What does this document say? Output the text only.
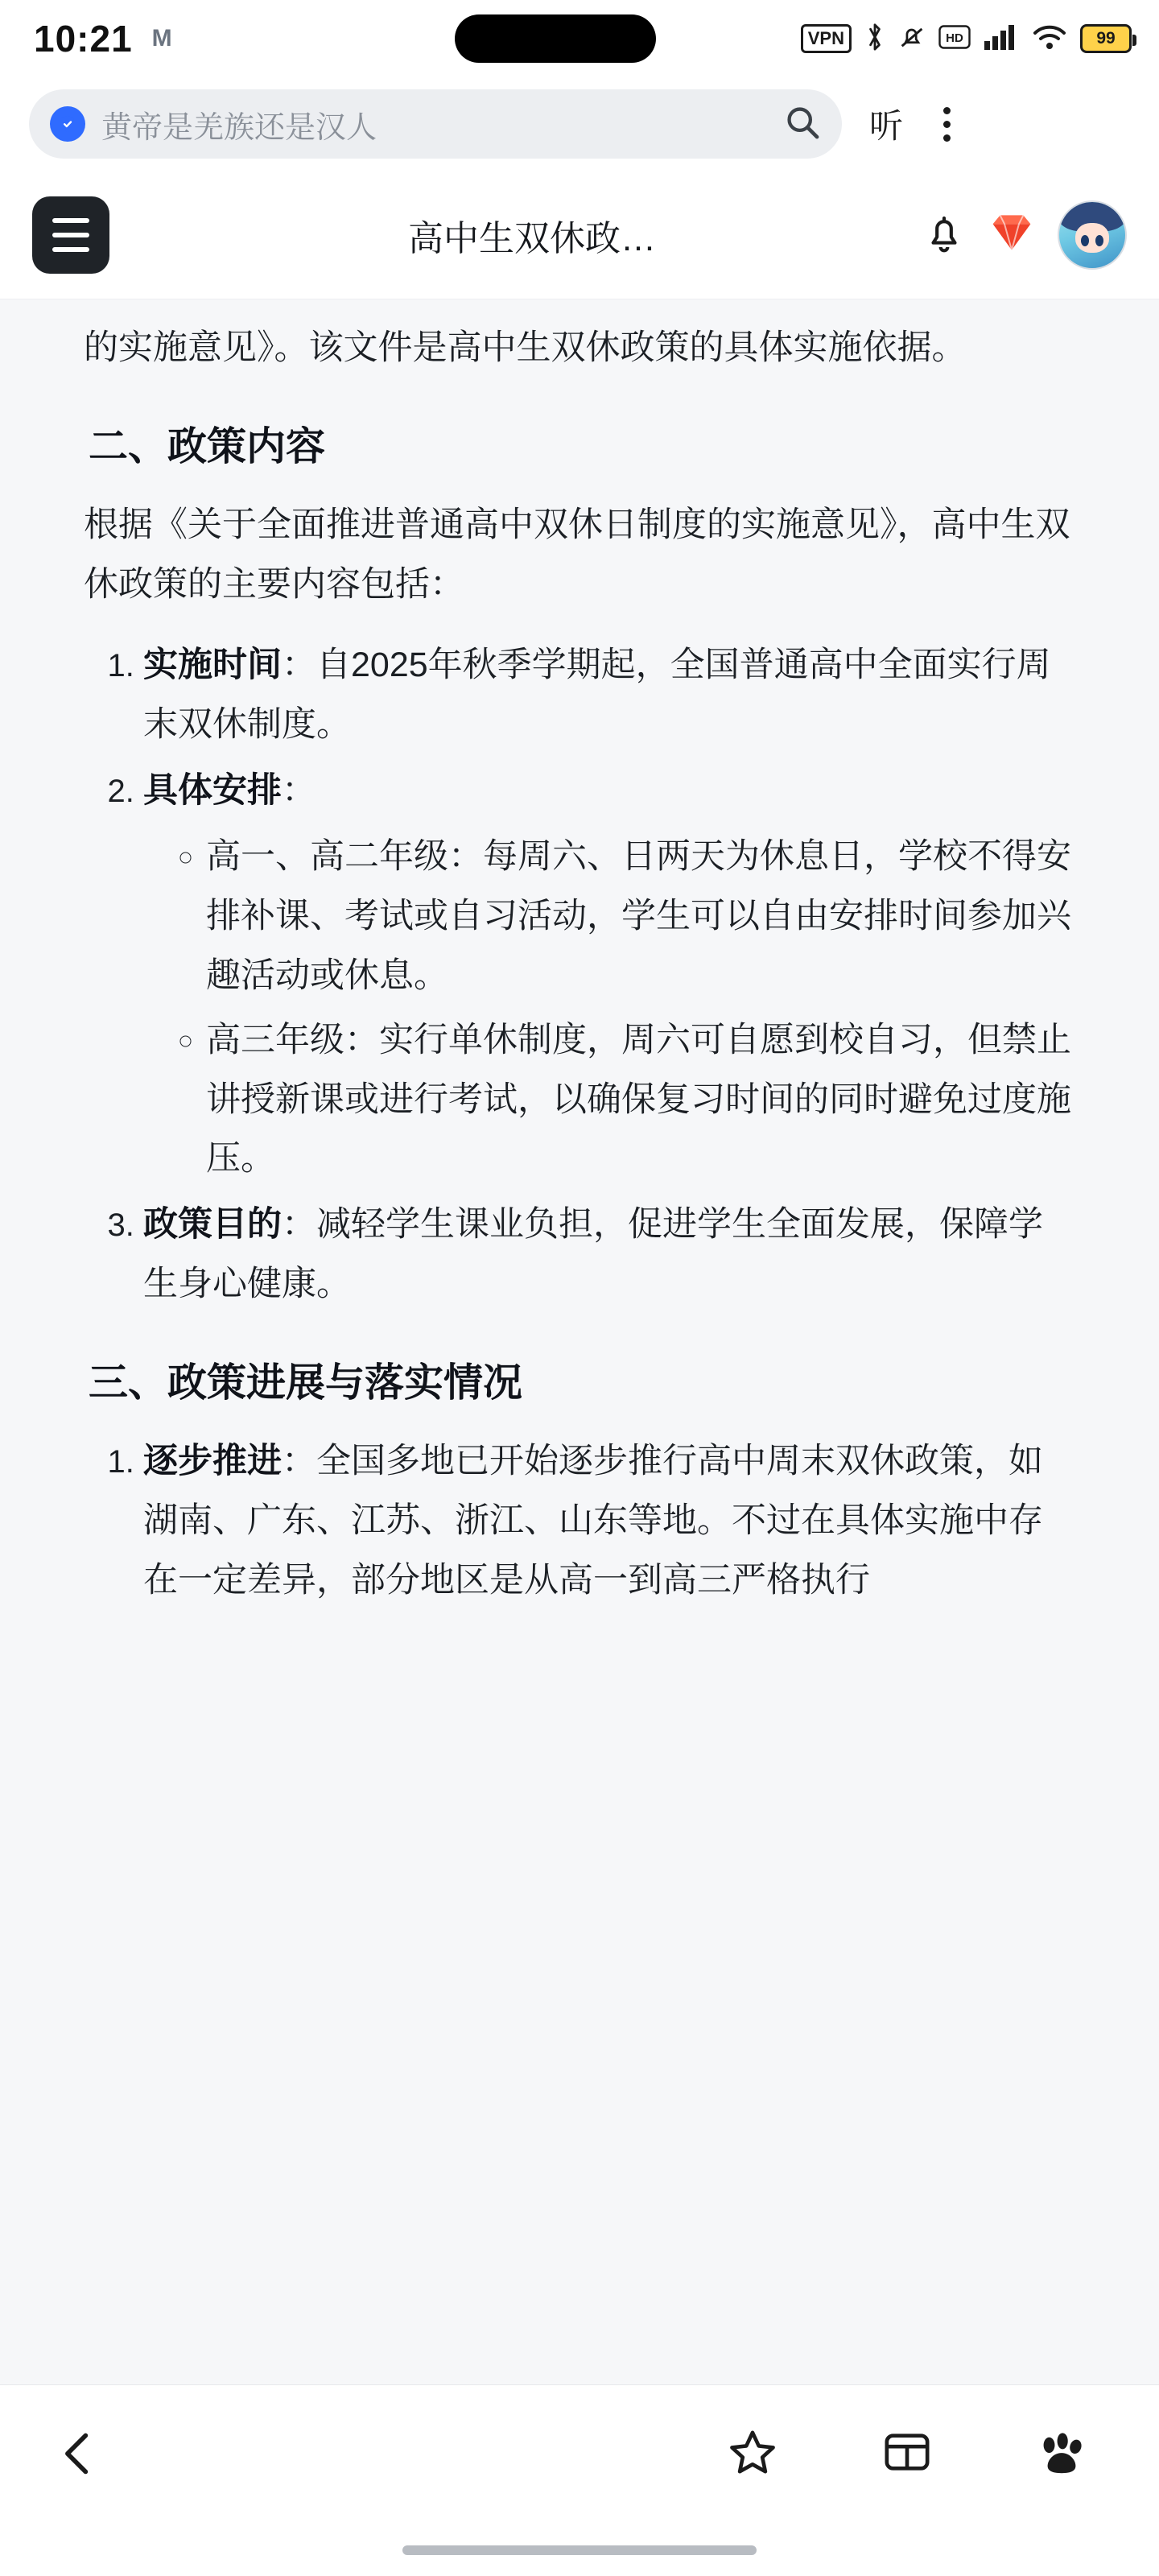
10:21 M	VPN	HD	99
黄帝是羌族还是汉人	听
高中生双休政…
的实施意见》。该文件是高中生双休政策的具体实施依据。
二、政策内容
根据《关于全面推进普通高中双休日制度的实施意见》，高中生双休政策的主要内容包括：
1. 实施时间：自2025年秋季学期起，全国普通高中全面实行周末双休制度。
2. 具体安排：
◦ 高一、高二年级：每周六、日两天为休息日，学校不得安排补课、考试或自习活动，学生可以自由安排时间参加兴趣活动或休息。
◦ 高三年级：实行单休制度，周六可自愿到校自习，但禁止讲授新课或进行考试，以确保复习时间的同时避免过度施压。
3. 政策目的：减轻学生课业负担，促进学生全面发展，保障学生身心健康。
三、政策进展与落实情况
1. 逐步推进：全国多地已开始逐步推行高中周末双休政策，如湖南、广东、江苏、浙江、山东等地。不过在具体实施中存在一定差异，部分地区是从高一到高三严格执行
